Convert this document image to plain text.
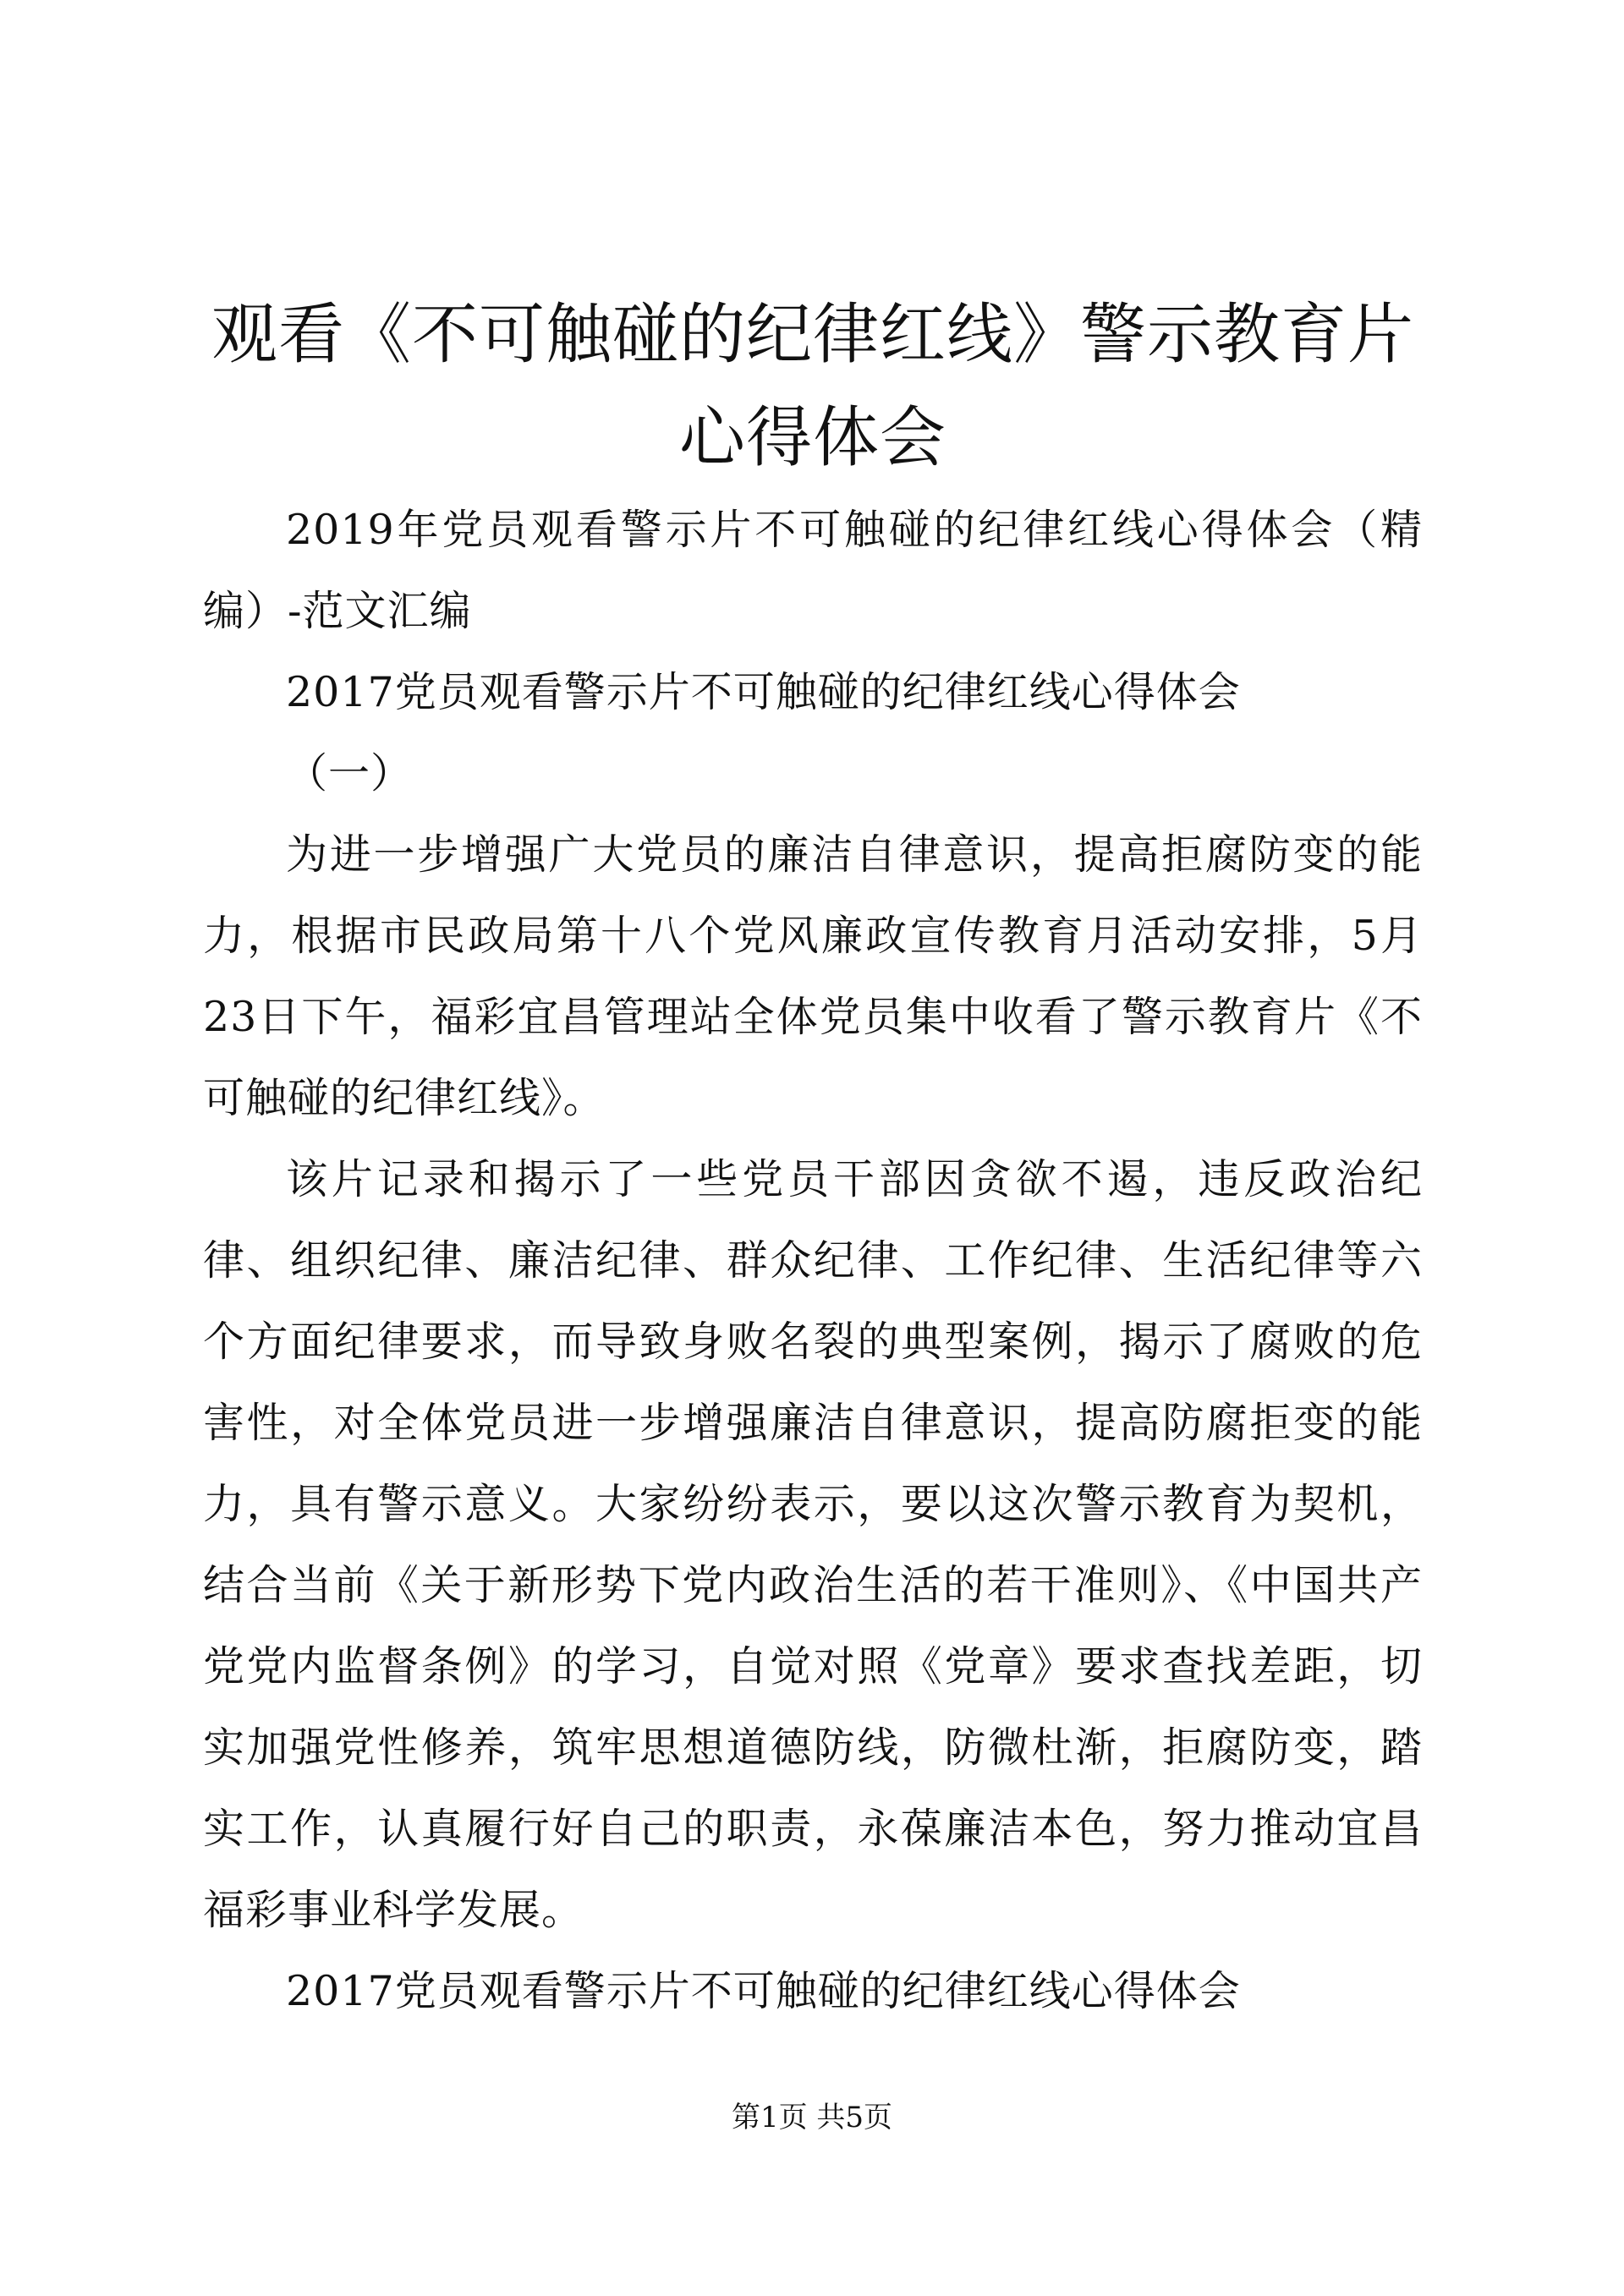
观看《不可触碰的纪律红线》警示教育片心得体会

2019年党员观看警示片不可触碰的纪律红线心得体会（精编）-范文汇编

2017党员观看警示片不可触碰的纪律红线心得体会

（一）

为进一步增强广大党员的廉洁自律意识，提高拒腐防变的能力，根据市民政局第十八个党风廉政宣传教育月活动安排，5月23日下午，福彩宜昌管理站全体党员集中收看了警示教育片《不可触碰的纪律红线》。

该片记录和揭示了一些党员干部因贪欲不遏，违反政治纪律、组织纪律、廉洁纪律、群众纪律、工作纪律、生活纪律等六个方面纪律要求，而导致身败名裂的典型案例，揭示了腐败的危害性，对全体党员进一步增强廉洁自律意识，提高防腐拒变的能力，具有警示意义。大家纷纷表示，要以这次警示教育为契机，结合当前《关于新形势下党内政治生活的若干准则》、《中国共产党党内监督条例》的学习，自觉对照《党章》要求查找差距，切实加强党性修养，筑牢思想道德防线，防微杜渐，拒腐防变，踏实工作，认真履行好自己的职责，永葆廉洁本色，努力推动宜昌福彩事业科学发展。

2017党员观看警示片不可触碰的纪律红线心得体会

第1页 共5页
